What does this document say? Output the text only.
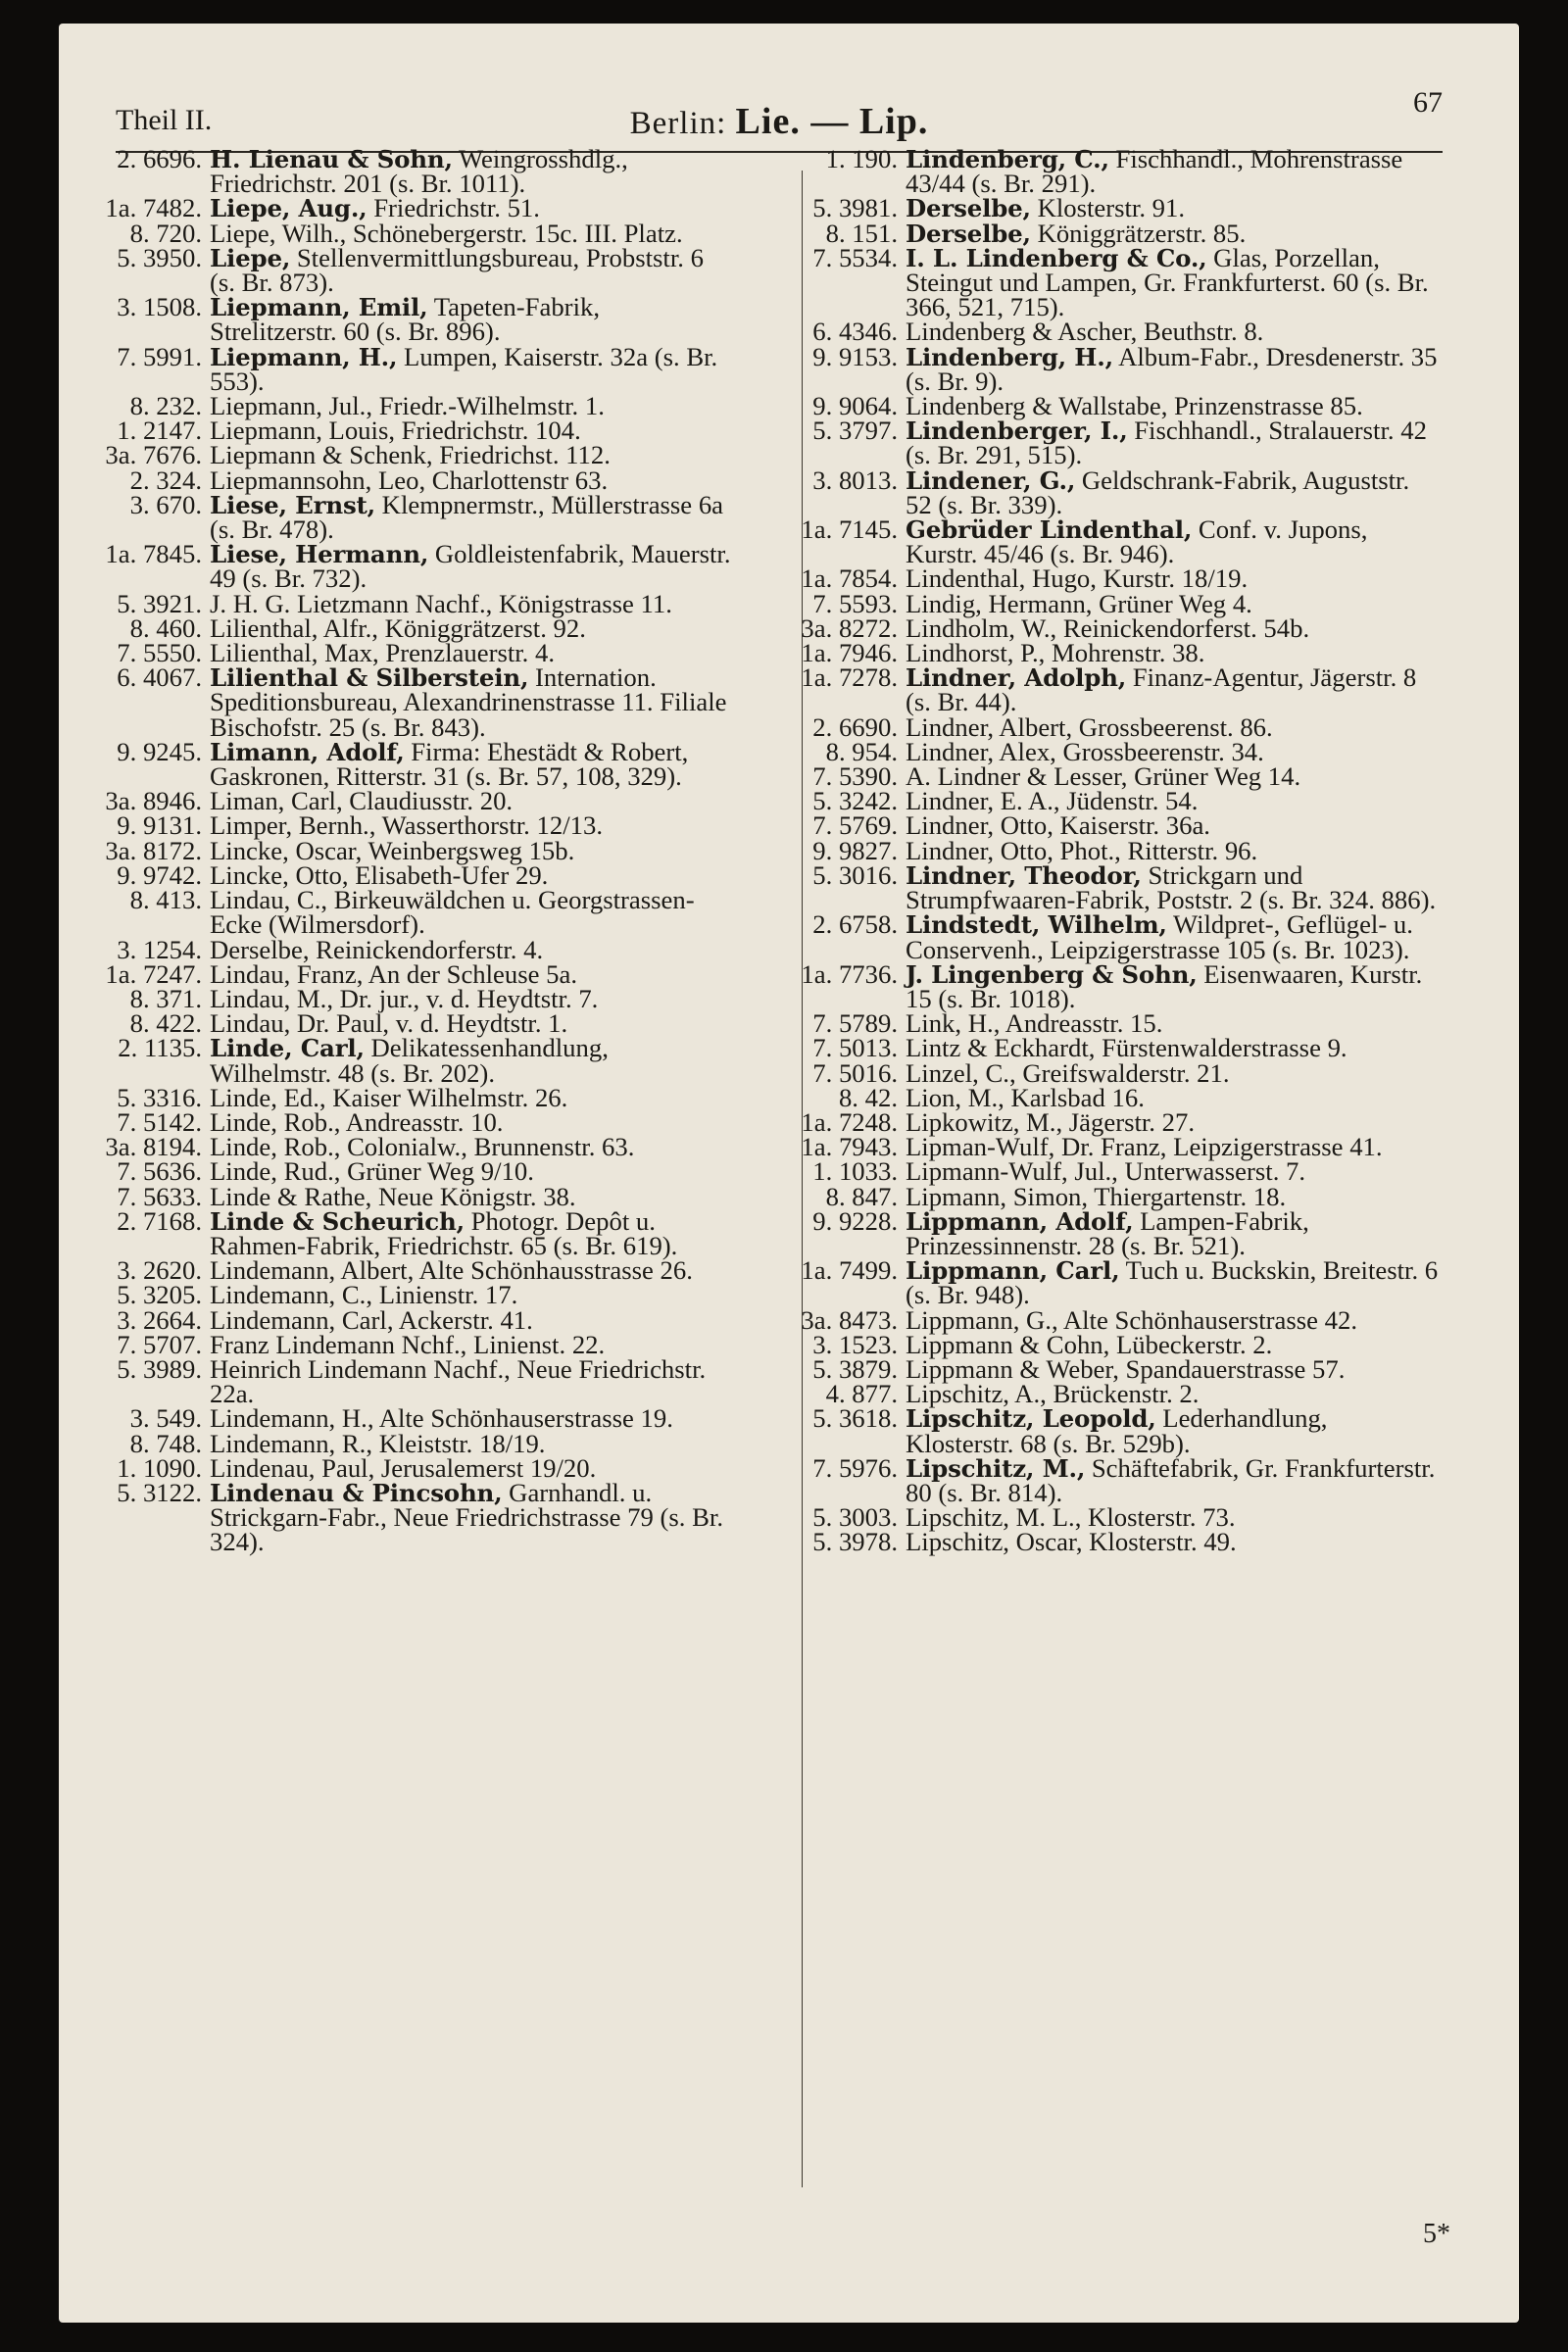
Theil II.	Berlin: Lie. — Lip.	67
2. 6696. H. Lienau & Sohn, Weingrosshdlg., Friedrichstr. 201 (s. Br. 1011).
1a. 7482. Liepe, Aug., Friedrichstr. 51.
8. 720. Liepe, Wilh., Schönebergerstr. 15c. III. Platz.
5. 3950. Liepe, Stellenvermittlungsbureau, Probststr. 6 (s. Br. 873).
3. 1508. Liepmann, Emil, Tapeten-Fabrik, Strelitzerstr. 60 (s. Br. 896).
7. 5991. Liepmann, H., Lumpen, Kaiserstr. 32a (s. Br. 553).
8. 232. Liepmann, Jul., Friedr.-Wilhelmstr. 1.
1. 2147. Liepmann, Louis, Friedrichstr. 104.
3a. 7676. Liepmann & Schenk, Friedrichst. 112.
2. 324. Liepmannsohn, Leo, Charlottenstr 63.
3. 670. Liese, Ernst, Klempnermstr., Müllerstrasse 6a (s. Br. 478).
1a. 7845. Liese, Hermann, Goldleistenfabrik, Mauerstr. 49 (s. Br. 732).
5. 3921. J. H. G. Lietzmann Nachf., Königstrasse 11.
8. 460. Lilienthal, Alfr., Königgrätzerst. 92.
7. 5550. Lilienthal, Max, Prenzlauerstr. 4.
6. 4067. Lilienthal & Silberstein, Internation. Speditionsbureau, Alexandrinenstrasse 11. Filiale Bischofstr. 25 (s. Br. 843).
9. 9245. Limann, Adolf, Firma: Ehestädt & Robert, Gaskronen, Ritterstr. 31 (s. Br. 57, 108, 329).
3a. 8946. Liman, Carl, Claudiusstr. 20.
9. 9131. Limper, Bernh., Wasserthorstr. 12/13.
3a. 8172. Lincke, Oscar, Weinbergsweg 15b.
9. 9742. Lincke, Otto, Elisabeth-Ufer 29.
8. 413. Lindau, C., Birkeuwäldchen u. Georgstrassen-Ecke (Wilmersdorf).
3. 1254. Derselbe, Reinickendorferstr. 4.
1a. 7247. Lindau, Franz, An der Schleuse 5a.
8. 371. Lindau, M., Dr. jur., v. d. Heydtstr. 7.
8. 422. Lindau, Dr. Paul, v. d. Heydtstr. 1.
2. 1135. Linde, Carl, Delikatessenhandlung, Wilhelmstr. 48 (s. Br. 202).
5. 3316. Linde, Ed., Kaiser Wilhelmstr. 26.
7. 5142. Linde, Rob., Andreasstr. 10.
3a. 8194. Linde, Rob., Colonialw., Brunnenstr. 63.
7. 5636. Linde, Rud., Grüner Weg 9/10.
7. 5633. Linde & Rathe, Neue Königstr. 38.
2. 7168. Linde & Scheurich, Photogr. Depôt u. Rahmen-Fabrik, Friedrichstr. 65 (s. Br. 619).
3. 2620. Lindemann, Albert, Alte Schönhausstrasse 26.
5. 3205. Lindemann, C., Linienstr. 17.
3. 2664. Lindemann, Carl, Ackerstr. 41.
7. 5707. Franz Lindemann Nchf., Linienst. 22.
5. 3989. Heinrich Lindemann Nachf., Neue Friedrichstr. 22a.
3. 549. Lindemann, H., Alte Schönhauserstrasse 19.
8. 748. Lindemann, R., Kleiststr. 18/19.
1. 1090. Lindenau, Paul, Jerusalemerst 19/20.
5. 3122. Lindenau & Pincsohn, Garnhandl. u. Strickgarn-Fabr., Neue Friedrichstrasse 79 (s. Br. 324).
1. 190. Lindenberg, C., Fischhandl., Mohrenstrasse 43/44 (s. Br. 291).
5. 3981. Derselbe, Klosterstr. 91.
8. 151. Derselbe, Königgrätzerstr. 85.
7. 5534. I. L. Lindenberg & Co., Glas, Porzellan, Steingut und Lampen, Gr. Frankfurterst. 60 (s. Br. 366, 521, 715).
6. 4346. Lindenberg & Ascher, Beuthstr. 8.
9. 9153. Lindenberg, H., Album-Fabr., Dresdenerstr. 35 (s. Br. 9).
9. 9064. Lindenberg & Wallstabe, Prinzenstrasse 85.
5. 3797. Lindenberger, I., Fischhandl., Stralauerstr. 42 (s. Br. 291, 515).
3. 8013. Lindener, G., Geldschrank-Fabrik, Auguststr. 52 (s. Br. 339).
1a. 7145. Gebrüder Lindenthal, Conf. v. Jupons, Kurstr. 45/46 (s. Br. 946).
1a. 7854. Lindenthal, Hugo, Kurstr. 18/19.
7. 5593. Lindig, Hermann, Grüner Weg 4.
3a. 8272. Lindholm, W., Reinickendorferst. 54b.
1a. 7946. Lindhorst, P., Mohrenstr. 38.
1a. 7278. Lindner, Adolph, Finanz-Agentur, Jägerstr. 8 (s. Br. 44).
2. 6690. Lindner, Albert, Grossbeerenst. 86.
8. 954. Lindner, Alex, Grossbeerenstr. 34.
7. 5390. A. Lindner & Lesser, Grüner Weg 14.
5. 3242. Lindner, E. A., Jüdenstr. 54.
7. 5769. Lindner, Otto, Kaiserstr. 36a.
9. 9827. Lindner, Otto, Phot., Ritterstr. 96.
5. 3016. Lindner, Theodor, Strickgarn und Strumpfwaaren-Fabrik, Poststr. 2 (s. Br. 324. 886).
2. 6758. Lindstedt, Wilhelm, Wildpret-, Geflügel- u. Conservenh., Leipzigerstrasse 105 (s. Br. 1023).
1a. 7736. J. Lingenberg & Sohn, Eisenwaaren, Kurstr. 15 (s. Br. 1018).
7. 5789. Link, H., Andreasstr. 15.
7. 5013. Lintz & Eckhardt, Fürstenwalderstrasse 9.
7. 5016. Linzel, C., Greifswalderstr. 21.
8. 42. Lion, M., Karlsbad 16.
1a. 7248. Lipkowitz, M., Jägerstr. 27.
1a. 7943. Lipman-Wulf, Dr. Franz, Leipzigerstrasse 41.
1. 1033. Lipmann-Wulf, Jul., Unterwasserst. 7.
8. 847. Lipmann, Simon, Thiergartenstr. 18.
9. 9228. Lippmann, Adolf, Lampen-Fabrik, Prinzessinnenstr. 28 (s. Br. 521).
1a. 7499. Lippmann, Carl, Tuch u. Buckskin, Breitestr. 6 (s. Br. 948).
3a. 8473. Lippmann, G., Alte Schönhauserstrasse 42.
3. 1523. Lippmann & Cohn, Lübeckerstr. 2.
5. 3879. Lippmann & Weber, Spandauerstrasse 57.
4. 877. Lipschitz, A., Brückenstr. 2.
5. 3618. Lipschitz, Leopold, Lederhandlung, Klosterstr. 68 (s. Br. 529b).
7. 5976. Lipschitz, M., Schäftefabrik, Gr. Frankfurterstr. 80 (s. Br. 814).
5. 3003. Lipschitz, M. L., Klosterstr. 73.
5. 3978. Lipschitz, Oscar, Klosterstr. 49.
5*
